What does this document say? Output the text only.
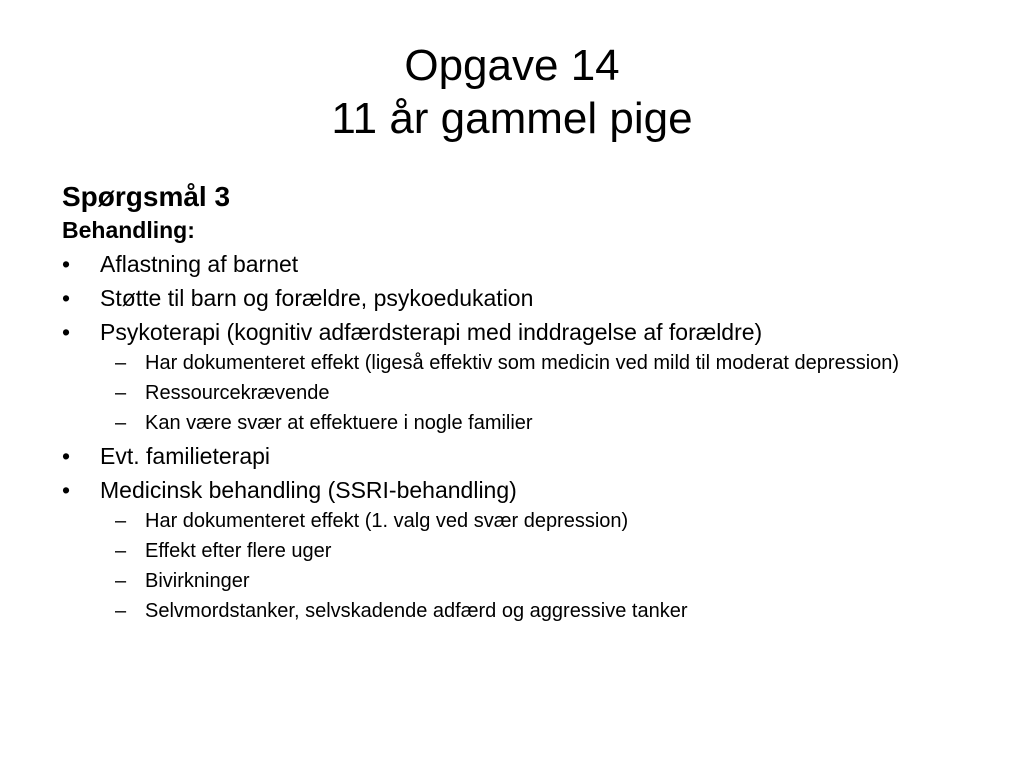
Opgave 14
11 år gammel pige
Spørgsmål 3
Behandling:
• Aflastning af barnet
• Støtte til barn og forældre, psykoedukation
• Psykoterapi (kognitiv adfærdsterapi med inddragelse af forældre)
– Har dokumenteret effekt (ligeså effektiv som medicin ved mild til moderat depression)
– Ressourcekrævende
– Kan være svær at effektuere i nogle familier
• Evt. familieterapi
• Medicinsk behandling (SSRI-behandling)
– Har dokumenteret effekt (1. valg ved svær depression)
– Effekt efter flere uger
– Bivirkninger
– Selvmordstanker, selvskadende adfærd og aggressive tanker
